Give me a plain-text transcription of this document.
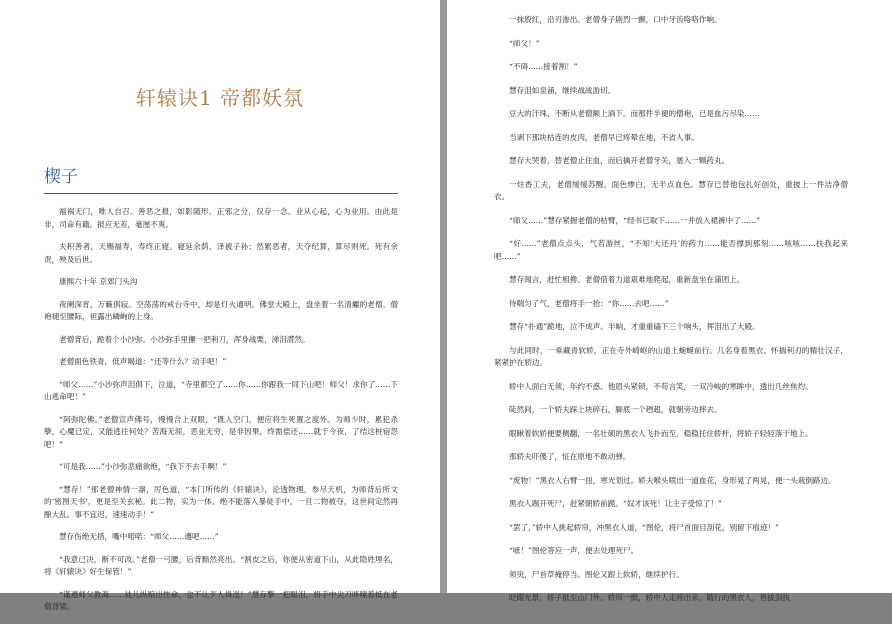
轩辕诀1 帝都妖氛
楔子

福祸无门，唯人自召。善恶之报，如影随形。正邪之分，仅存一念。业从心起，心为业用。由此是非，司命有籍。报应无差，毫厘不爽。

夫积善者，天赐福寿，寿终正寝。寝延余荫，泽被子孙；然累恶者，天夺纪算，算尽则死。死有余责，殃及后世。

康熙六十年 京郊门头沟

夜阑深宵，万籁俱寂。空荡荡的戒台寺中，却是灯火通明。佛堂大殿上，盘坐着一名清癯的老僧，僧袍褪至腰际，袒露出嶙峋的上身。

老僧背后，跪着个小沙弥。小沙弥手里攥一把利刀，浑身战栗，涕泪潸然。

老僧面色铁青，低声喝道：“还等什么？动手吧！”

“师父……”小沙弥声泪俱下，泣道，“寺里都空了……你……你跟我一同下山吧！师父！求你了……下山逃命吧！”

“阿弥陀佛。”老僧宣声佛号，慢慢合上双眼，“既入空门，便应将生死置之度外。为师少时，累犯杀孽，心魔已定，又能逃往何处？苦海无涯，恶业无穷，是非因果，终需偿还……就于今夜，了结这桩宿怨吧！”

“可是我……”小沙弥悲痛欲绝，“我下不去手啊！”

“慧存！”那老僧神情一凛，厉色道，“本门所传的《轩辕诀》，论透物理，参尽天机，为师背后所文的‘密图天书’，更是至关玄秘。此二物，实为一体，绝不能落入暴徒手中。一旦二物被夺，这世间定然再酿大乱。事不宜迟，速速动手！”

慧存伤绝无措，嘴中喏喏：“师父……遵吧……”

“我意已决，断不可改。”老僧一弓腰，后背黯然亮出。“割皮之后，你便从密道下山，从此隐姓埋名，将《轩辕诀》好生保管！”

“谨遵师父教诲……徒儿纵赔出性命，也不让歹人得逞！”慧存擎一把眼泪，将手中尖刀哆嗦着抵在老僧背梁。

一抹殷红，沿刃渗出。老僧身子剧烈一颤，口中牙齿咯咯作响。

“师父！”

“不碍……接着割！”

慧存泪如泉涌，继续战战游切。

豆大的汗珠，不断从老僧额上淌下。而那件半褪的僧袍，已是血污尽染……

当剥下那块枯连的皮肉，老僧早已疼晕在地，不省人事。

慧存大哭着，替老僧止住血，而后擒开老僧牙关，塞入一颗药丸。

一炷香工夫，老僧缓缓苏醒，面色惨白，无半点血色。慧存已替他包扎好创处，重披上一件洁净僧衣。

“师父……”慧存紧握老僧的枯臂，“经书已取下……一并放入裙裤中了……”

“好……”老僧点点头，气若游丝，“不知‘大还丹’的药力……能否撑到那刻……咳咳……扶我起来吧……”

慧存闻言，赶忙相搀。老僧借着力道艰难地爬起，重新盘坐在蒲团上。

待喘匀了气，老僧将手一抬：“你……去吧……”

慧存“扑通”跪地，泣不成声。半晌，才重重磕下三个响头，挥泪出了大殿。

与此同时，一乘藏青软轿，正在寺外崎岖的山道上蜿蜒前行。几名身着黑衣、怀揣利刃的精壮汉子，紧紧护在轿边。

轿中人面白无须，年约不惑。他眉头紧锁，不苟言笑，一双冷峻的寒眸中，透出几丝焦灼。

陡然间，一个轿夫踩上块碎石，脚底一个趔趄，就朝旁边摔去。

眼瞅着软轿便要侧翻，一名壮硕的黑衣人飞扑而至，稳稳托住轿杆，将轿子轻轻落于地上。

那轿夫吓傻了，怔在原地不敢动弹。

“废物！”黑衣人右臂一扭，寒光划过。轿夫喉头喷出一道血花，身形晃了两晃，便一头栽倒路边。

黑衣人踢开死尸，赶紧朝轿前跪。“奴才该死！让主子受惊了！”

“罢了，”轿中人挑起轿帘，冲黑衣人道，“图伦，将尸首面目刮花，别留下痕迹！”

“嗻！”图伦答应一声，便去处理死尸。

须臾，尸首草掩停当。图伦又跟上软轿，继续护行。

眨眼光景，轿子抵至山门外。轿帘一掀，轿中人走将出来。随行的黑衣人，皆拔剑执
